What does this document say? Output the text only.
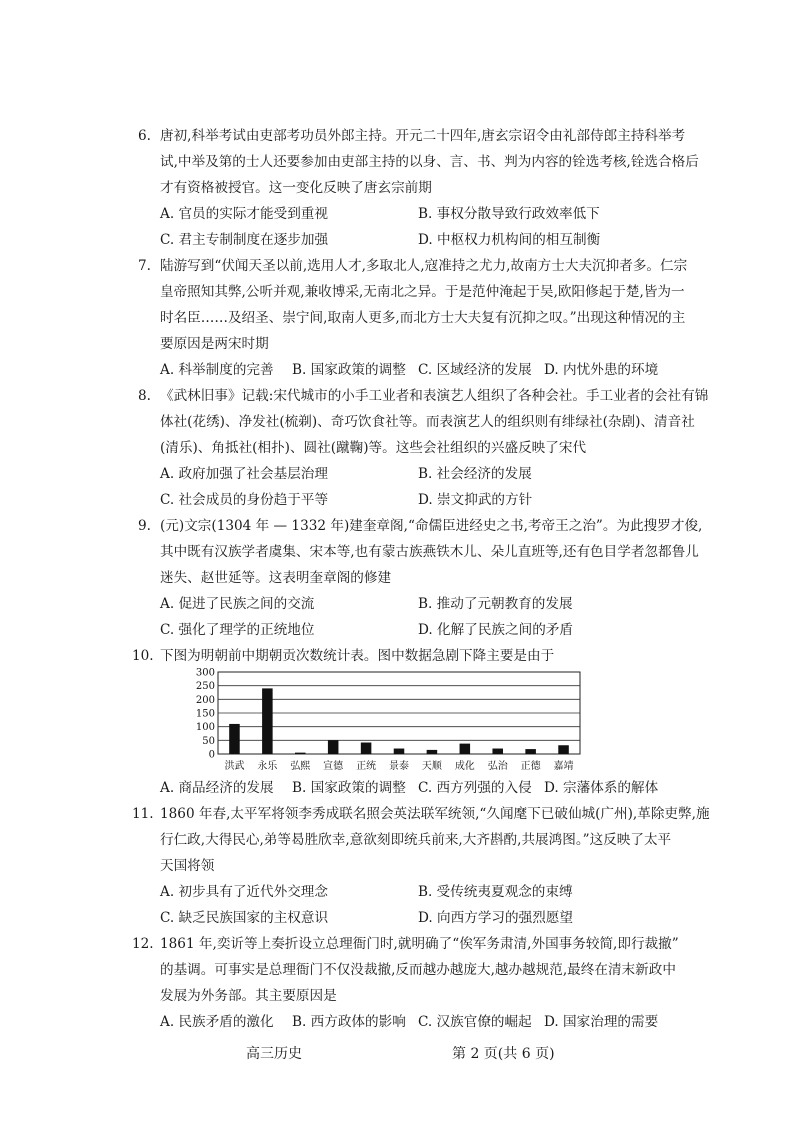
6. 唐初,科举考试由吏部考功员外郎主持。开元二十四年,唐玄宗诏令由礼部侍郎主持科举考
试,中举及第的士人还要参加由吏部主持的以身、言、书、判为内容的铨选考核,铨选合格后
才有资格被授官。这一变化反映了唐玄宗前期
A. 官员的实际才能受到重视	B. 事权分散导致行政效率低下
C. 君主专制制度在逐步加强	D. 中枢权力机构间的相互制衡
7. 陆游写到“伏闻天圣以前,选用人才,多取北人,寇准持之尤力,故南方士大夫沉抑者多。仁宗
皇帝照知其弊,公听并观,兼收博采,无南北之异。于是范仲淹起于吴,欧阳修起于楚,皆为一
时名臣……及绍圣、崇宁间,取南人更多,而北方士大夫复有沉抑之叹。”出现这种情况的主
要原因是两宋时期
A. 科举制度的完善 B. 国家政策的调整 C. 区域经济的发展 D. 内忧外患的环境
8. 《武林旧事》记载:宋代城市的小手工业者和表演艺人组织了各种会社。手工业者的会社有锦
体社(花绣)、净发社(梳剃)、奇巧饮食社等。而表演艺人的组织则有绯绿社(杂剧)、清音社
(清乐)、角抵社(相扑)、圆社(蹴鞠)等。这些会社组织的兴盛反映了宋代
A. 政府加强了社会基层治理	B. 社会经济的发展
C. 社会成员的身份趋于平等	D. 崇文抑武的方针
9. (元)文宗(1304 年 — 1332 年)建奎章阁,“命儒臣进经史之书,考帝王之治”。为此搜罗才俊,
其中既有汉族学者虞集、宋本等,也有蒙古族燕铁木儿、朵儿直班等,还有色目学者忽都鲁儿
迷失、赵世延等。这表明奎章阁的修建
A. 促进了民族之间的交流	B. 推动了元朝教育的发展
C. 强化了理学的正统地位	D. 化解了民族之间的矛盾
10. 下图为明朝前中期朝贡次数统计表。图中数据急剧下降主要是由于
0
50
100
150
200
250
300
洪武 永乐 弘熙 宣德 正统 景泰 天顺 成化 弘治 正德 嘉靖
A. 商品经济的发展 B. 国家政策的调整 C. 西方列强的入侵 D. 宗藩体系的解体
11. 1860 年春,太平军将领李秀成联名照会英法联军统领,“久闻麾下已破仙城(广州),革除吏弊,施
行仁政,大得民心,弟等曷胜欣幸,意欲刻即统兵前来,大齐斟酌,共展鸿图。”这反映了太平
天国将领
A. 初步具有了近代外交理念	B. 受传统夷夏观念的束缚
C. 缺乏民族国家的主权意识	D. 向西方学习的强烈愿望
12. 1861 年,奕䜣等上奏折设立总理衙门时,就明确了“俟军务肃清,外国事务较简,即行裁撤”
的基调。可事实是总理衙门不仅没裁撤,反而越办越庞大,越办越规范,最终在清末新政中
发展为外务部。其主要原因是
A. 民族矛盾的激化 B. 西方政体的影响 C. 汉族官僚的崛起 D. 国家治理的需要
高三历史	第 2 页(共 6 页)
